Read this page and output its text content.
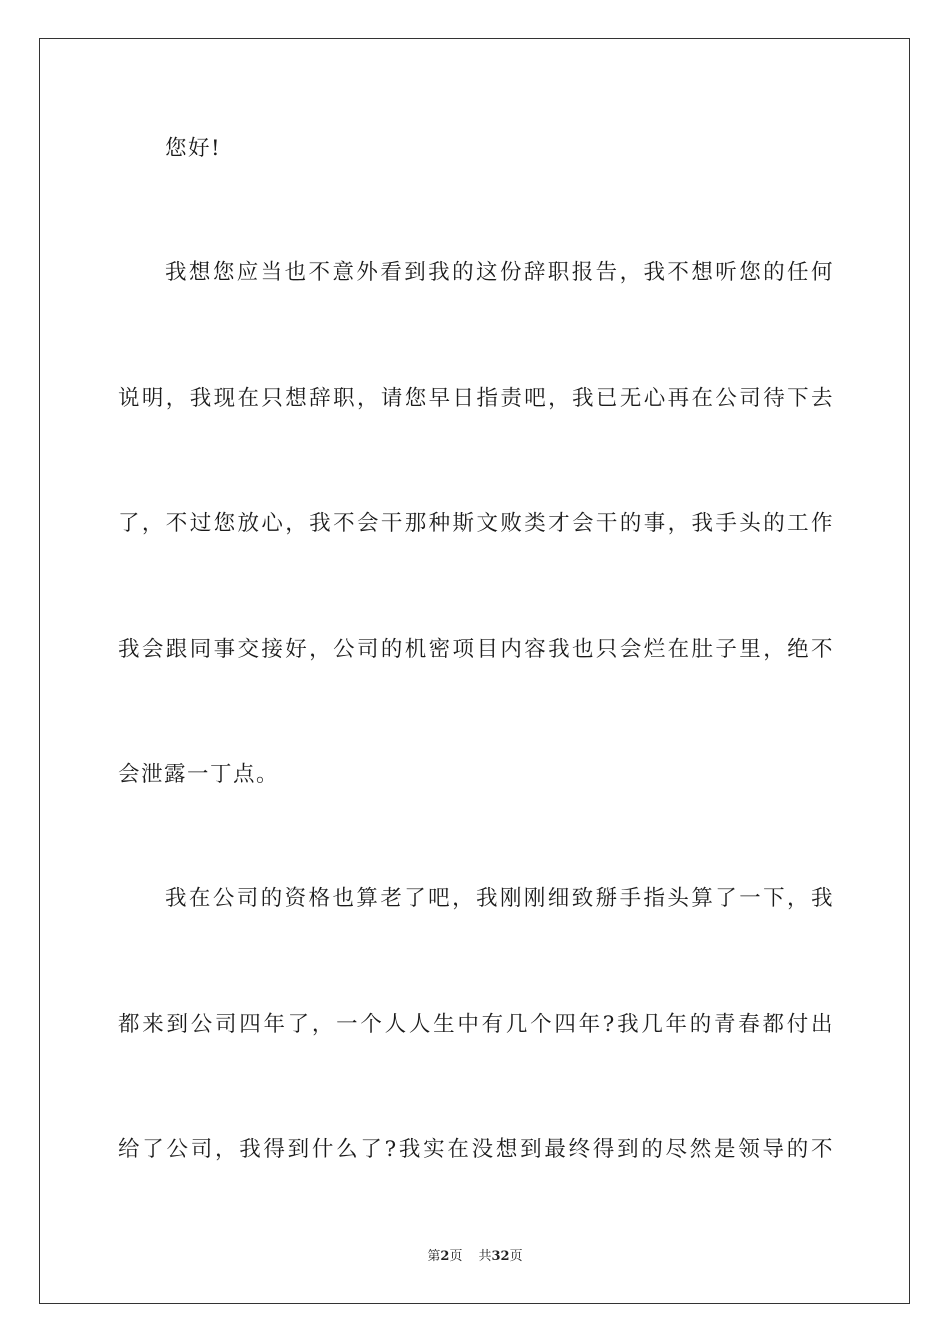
您好!
我想您应当也不意外看到我的这份辞职报告，我不想听您的任何
说明，我现在只想辞职，请您早日指责吧，我已无心再在公司待下去
了，不过您放心，我不会干那种斯文败类才会干的事，我手头的工作
我会跟同事交接好，公司的机密项目内容我也只会烂在肚子里，绝不
会泄露一丁点。
我在公司的资格也算老了吧，我刚刚细致掰手指头算了一下，我
都来到公司四年了，一个人人生中有几个四年?我几年的青春都付出
给了公司，我得到什么了?我实在没想到最终得到的尽然是领导的不
第2页 共32页
